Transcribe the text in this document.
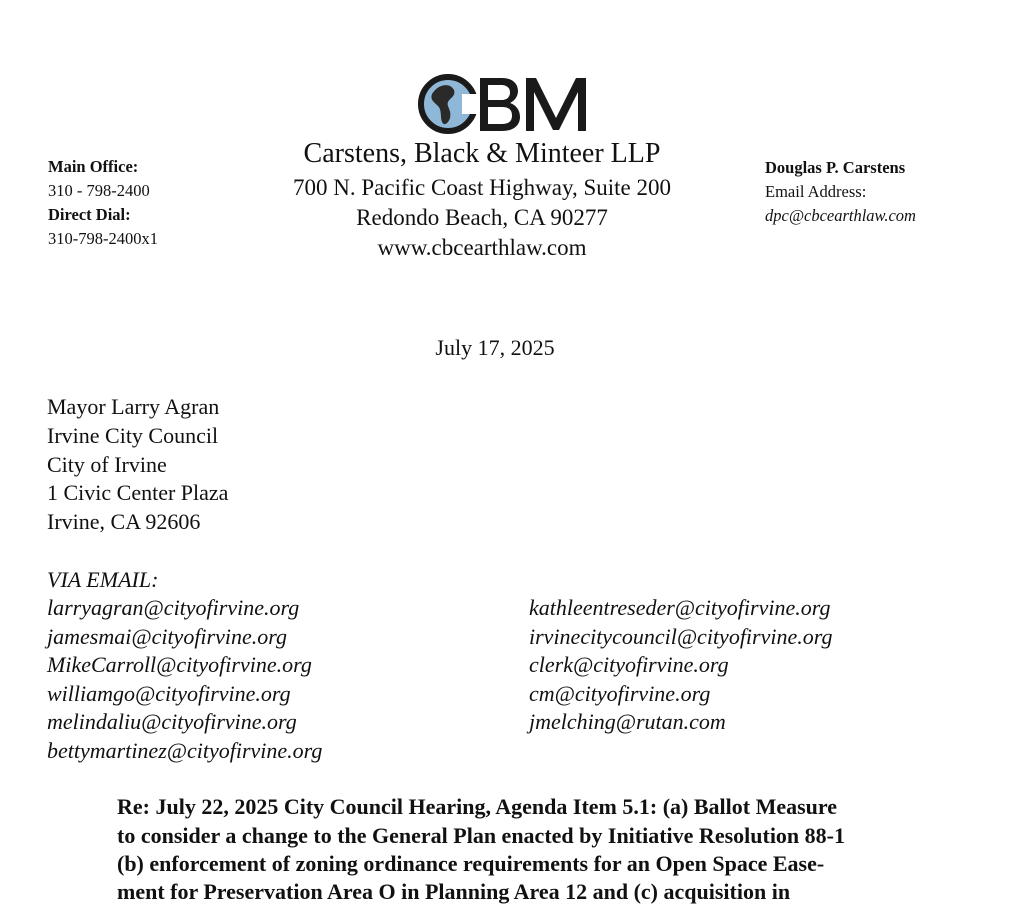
Carstens, Black & Minteer LLP
700 N. Pacific Coast Highway, Suite 200
Redondo Beach, CA 90277
www.cbcearthlaw.com
Main Office:
310 - 798-2400
Direct Dial:
310-798-2400x1
Douglas P. Carstens
Email Address:
dpc@cbcearthlaw.com
July 17, 2025
Mayor Larry Agran
Irvine City Council
City of Irvine
1 Civic Center Plaza
Irvine, CA 92606
VIA EMAIL:
larryagran@cityofirvine.org
jamesmai@cityofirvine.org
MikeCarroll@cityofirvine.org
williamgo@cityofirvine.org
melindaliu@cityofirvine.org
bettymartinez@cityofirvine.org
kathleentreseder@cityofirvine.org
irvinecitycouncil@cityofirvine.org
clerk@cityofirvine.org
cm@cityofirvine.org
jmelching@rutan.com
Re: July 22, 2025 City Council Hearing, Agenda Item 5.1: (a) Ballot Measure
to consider a change to the General Plan enacted by Initiative Resolution 88-1
(b) enforcement of zoning ordinance requirements for an Open Space Ease-
ment for Preservation Area O in Planning Area 12 and (c) acquisition in
